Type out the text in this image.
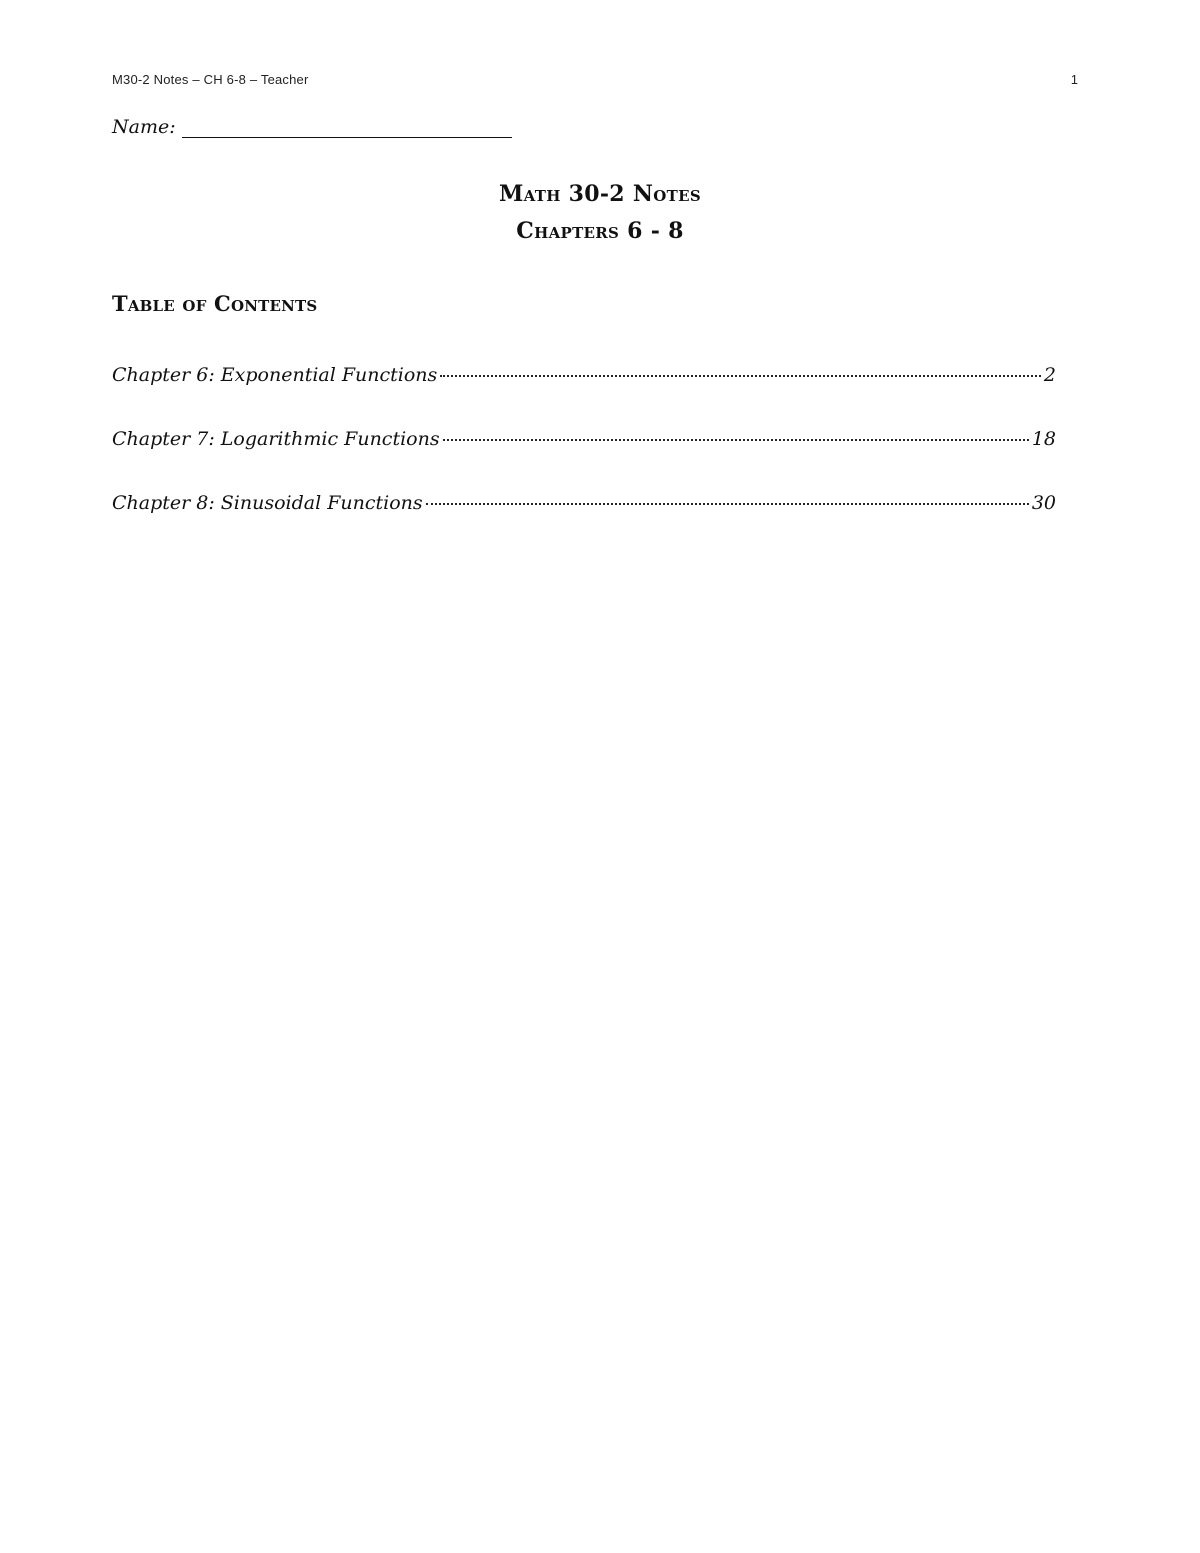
M30-2 Notes – CH 6-8 – Teacher	1
Name:
Math 30-2 Notes
Chapters 6 - 8
Table of Contents
Chapter 6: Exponential Functions	2
Chapter 7: Logarithmic Functions	18
Chapter 8: Sinusoidal Functions	30
